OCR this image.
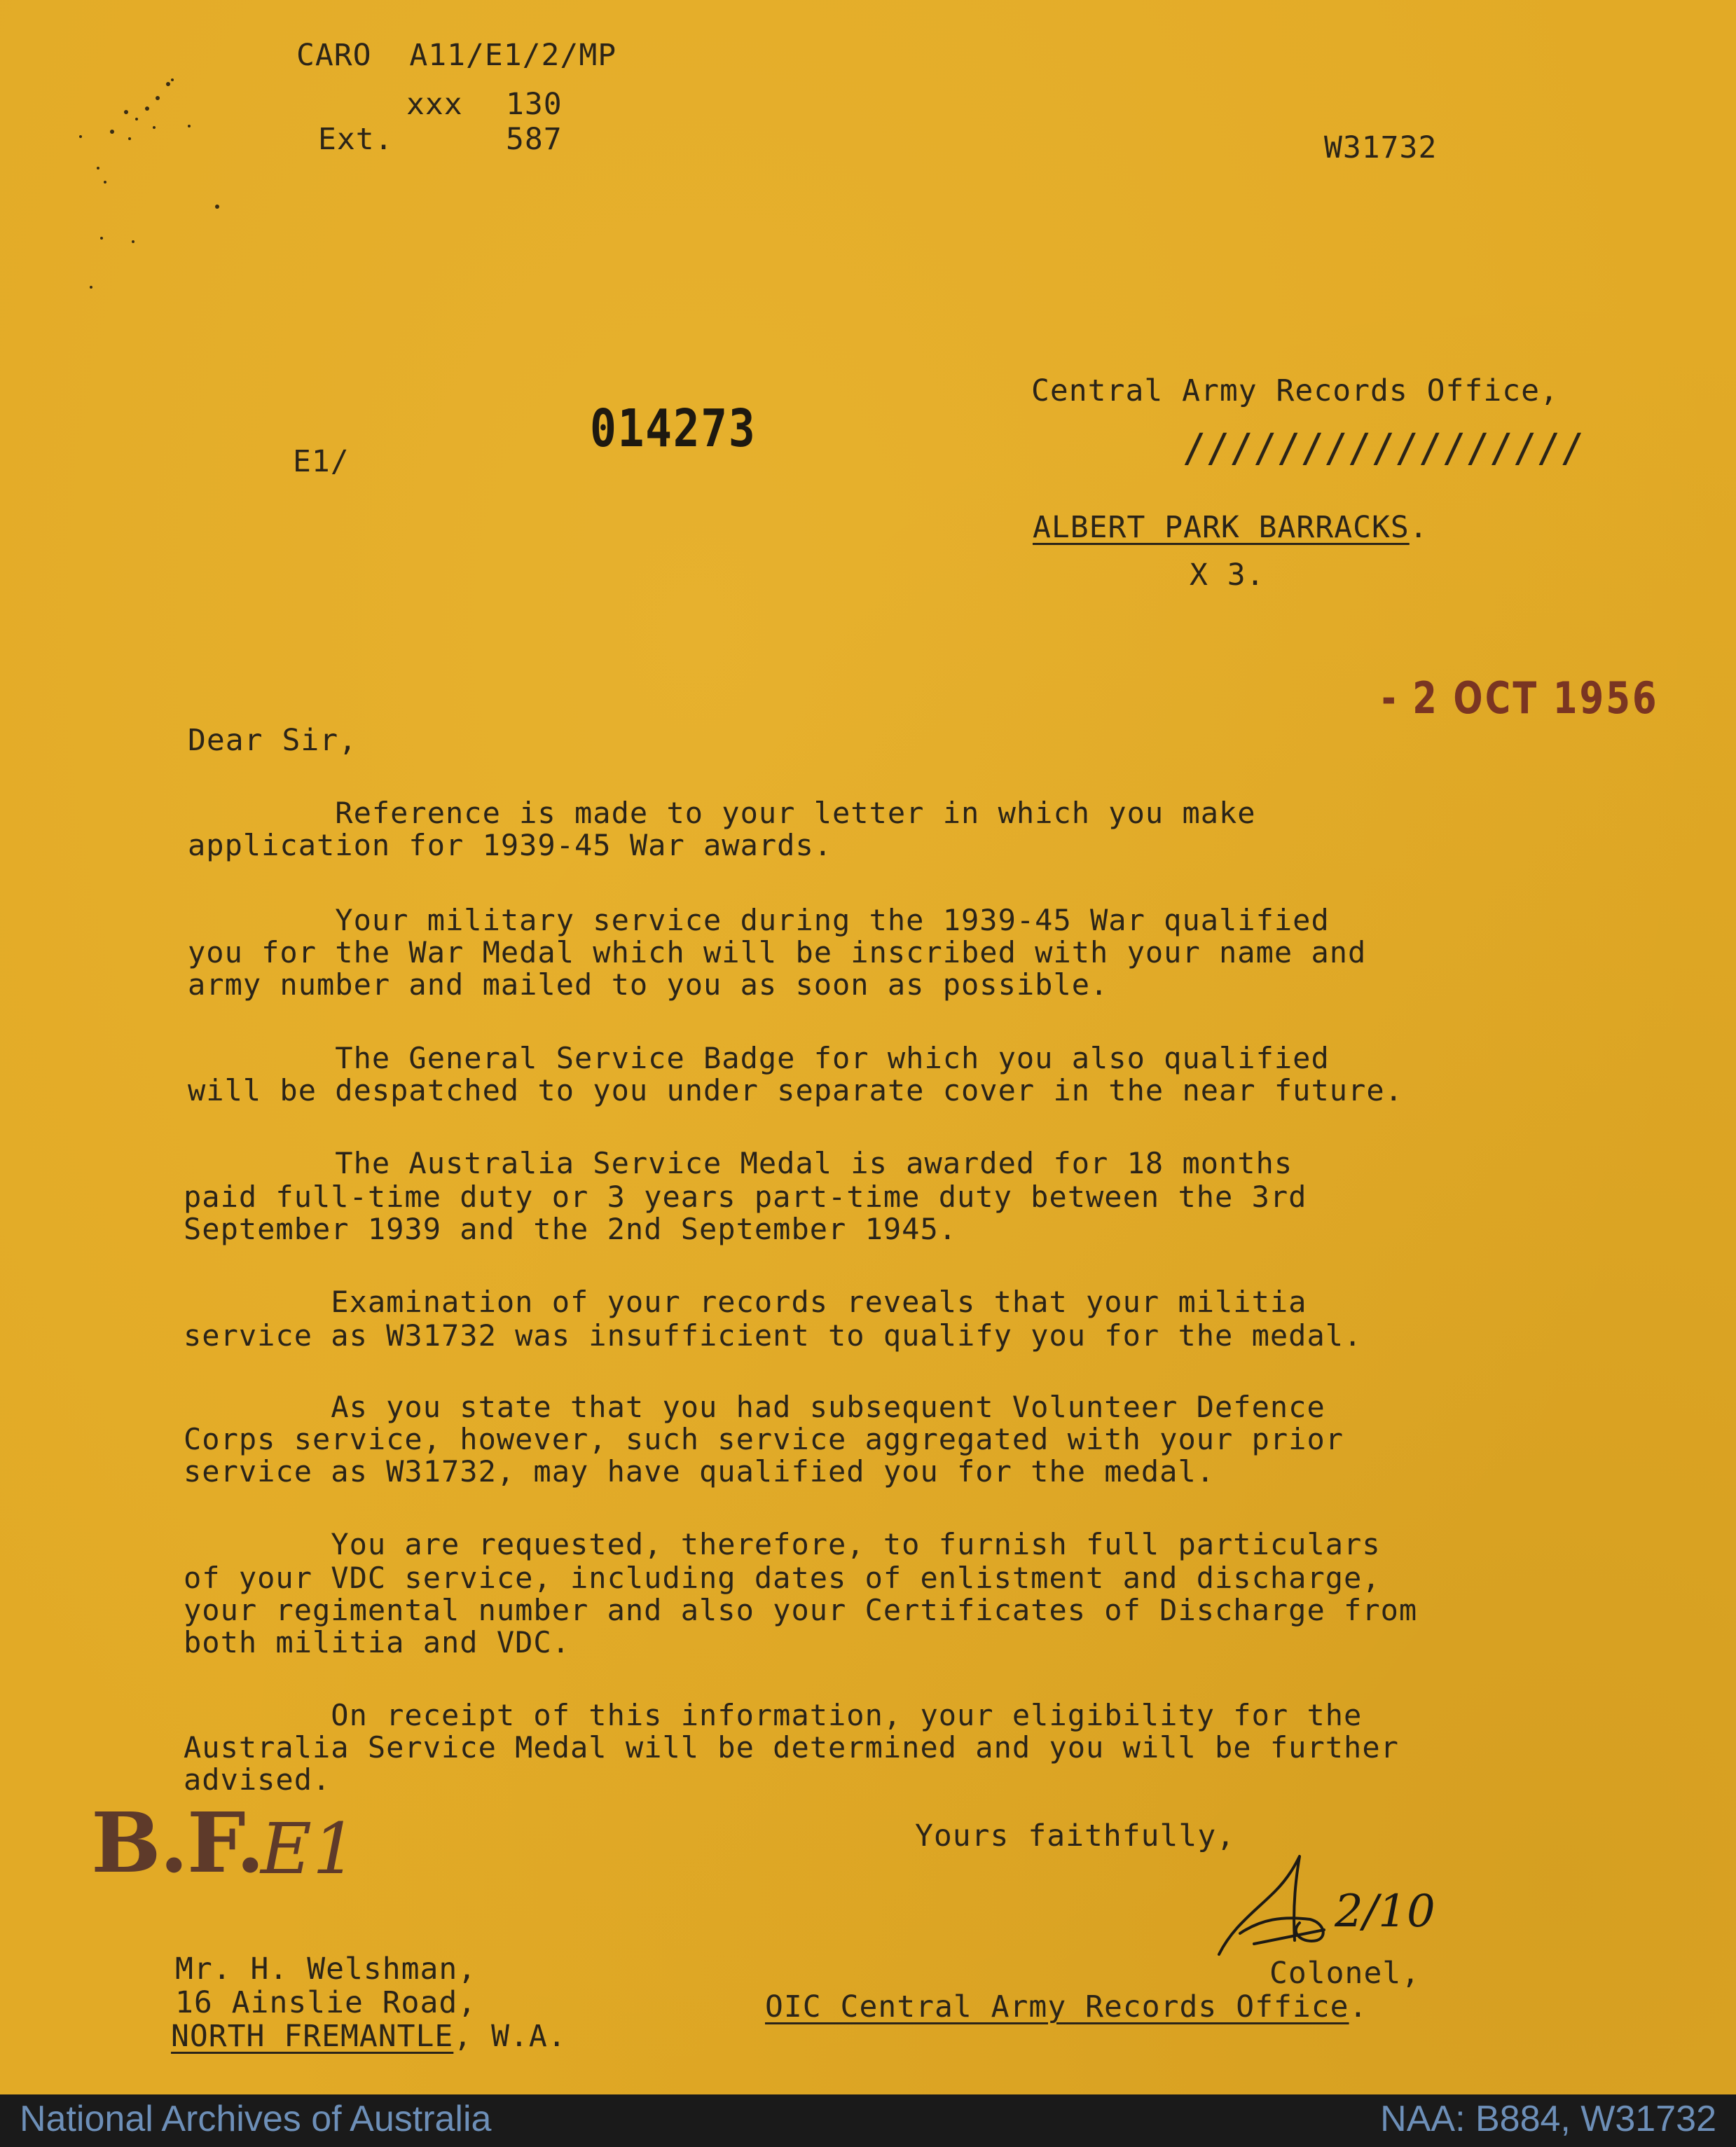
CARO  A11/E1/2/MP
xxx 130
Ext.	587	W31732
E1/
014273
Central Army Records Office,
/////////////////
ALBERT PARK BARRACKS.
X 3.
- 2 OCT 1956
Dear Sir,
Reference is made to your letter in which you make
application for 1939-45 War awards.
Your military service during the 1939-45 War qualified
you for the War Medal which will be inscribed with your name and
army number and mailed to you as soon as possible.
The General Service Badge for which you also qualified
will be despatched to you under separate cover in the near future.
The Australia Service Medal is awarded for 18 months
paid full-time duty or 3 years part-time duty between the 3rd
September 1939 and the 2nd September 1945.
Examination of your records reveals that your militia
service as W31732 was insufficient to qualify you for the medal.
As you state that you had subsequent Volunteer Defence
Corps service, however, such service aggregated with your prior
service as W31732, may have qualified you for the medal.
You are requested, therefore, to furnish full particulars
of your VDC service, including dates of enlistment and discharge,
your regimental number and also your Certificates of Discharge from
both militia and VDC.
On receipt of this information, your eligibility for the
Australia Service Medal will be determined and you will be further
advised.
Yours faithfully,
B.F.
E1
2/10
Colonel,
OIC Central Army Records Office.
Mr. H. Welshman,
16 Ainslie Road,
NORTH FREMANTLE, W.A.
National Archives of Australia	NAA: B884, W31732
